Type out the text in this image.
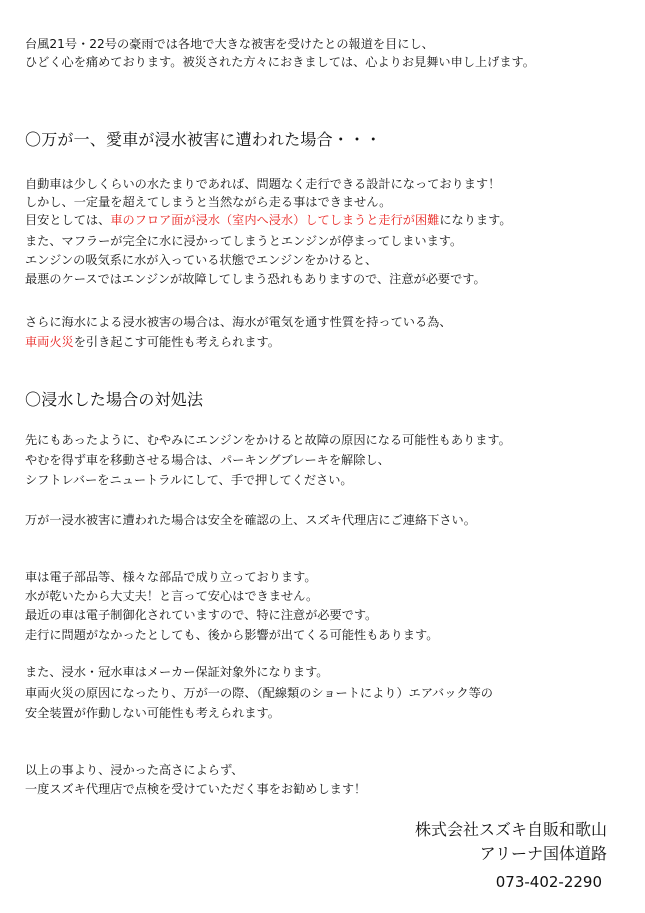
台風21号・22号の豪雨では各地で大きな被害を受けたとの報道を目にし、
ひどく心を痛めております。被災された方々におきましては、心よりお見舞い申し上げます。
〇万が一、愛車が浸水被害に遭われた場合・・・
自動車は少しくらいの水たまりであれば、問題なく走行できる設計になっております！
しかし、一定量を超えてしまうと当然ながら走る事はできません。
目安としては、車のフロア面が浸水（室内へ浸水）してしまうと走行が困難になります。
また、マフラーが完全に水に浸かってしまうとエンジンが停まってしまいます。
エンジンの吸気系に水が入っている状態でエンジンをかけると、
最悪のケースではエンジンが故障してしまう恐れもありますので、注意が必要です。
さらに海水による浸水被害の場合は、海水が電気を通す性質を持っている為、
車両火災を引き起こす可能性も考えられます。
〇浸水した場合の対処法
先にもあったように、むやみにエンジンをかけると故障の原因になる可能性もあります。
やむを得ず車を移動させる場合は、パーキングブレーキを解除し、
シフトレバーをニュートラルにして、手で押してください。
万が一浸水被害に遭われた場合は安全を確認の上、スズキ代理店にご連絡下さい。
車は電子部品等、様々な部品で成り立っております。
水が乾いたから大丈夫！と言って安心はできません。
最近の車は電子制御化されていますので、特に注意が必要です。
走行に問題がなかったとしても、後から影響が出てくる可能性もあります。
また、浸水・冠水車はメーカー保証対象外になります。
車両火災の原因になったり、万が一の際、（配線類のショートにより）エアバック等の
安全装置が作動しない可能性も考えられます。
以上の事より、浸かった高さによらず、
一度スズキ代理店で点検を受けていただく事をお勧めします！
株式会社スズキ自販和歌山
アリーナ国体道路
073-402-2290
